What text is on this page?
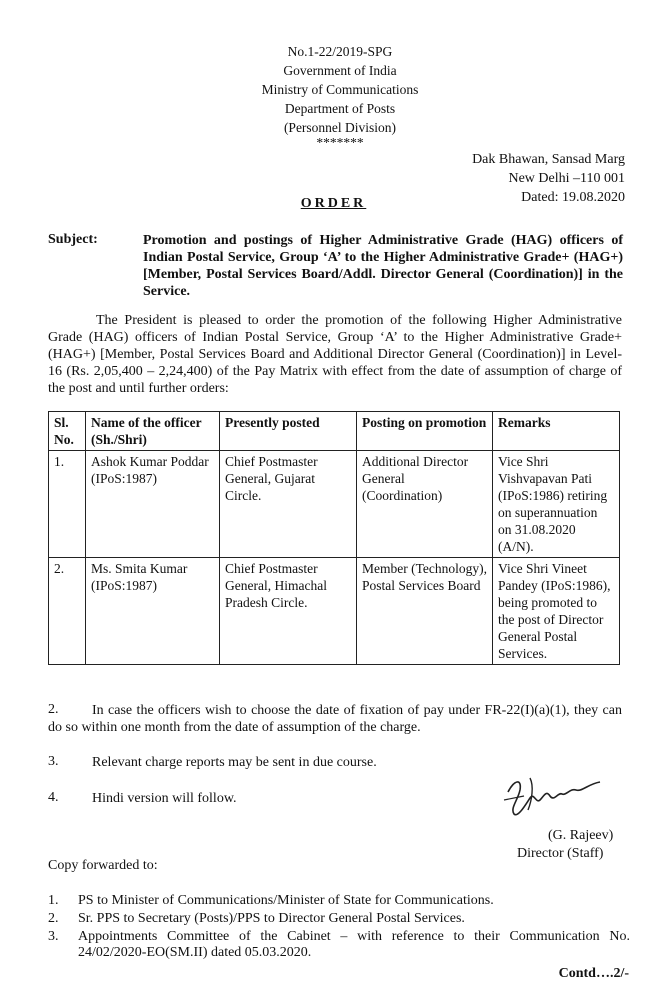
No.1-22/2019-SPG
Government of India
Ministry of Communications
Department of Posts
(Personnel Division)
*******
Dak Bhawan, Sansad Marg
New Delhi –110 001
Dated: 19.08.2020
ORDER
Subject:	Promotion and postings of Higher Administrative Grade (HAG) officers of Indian Postal Service, Group ‘A’ to the Higher Administrative Grade+ (HAG+) [Member, Postal Services Board/Addl. Director General (Coordination)] in the Service.
The President is pleased to order the promotion of the following Higher Administrative Grade (HAG) officers of Indian Postal Service, Group ‘A’ to the Higher Administrative Grade+ (HAG+) [Member, Postal Services Board and Additional Director General (Coordination)] in Level-16 (Rs. 2,05,400 – 2,24,400) of the Pay Matrix with effect from the date of assumption of charge of the post and until further orders:
Sl. No.	Name of the officer (Sh./Shri)	Presently posted	Posting on promotion	Remarks
1.	Ashok Kumar Poddar (IPoS:1987)	Chief Postmaster General, Gujarat Circle.	Additional Director General (Coordination)	Vice Shri Vishvapavan Pati (IPoS:1986) retiring on superannuation on 31.08.2020 (A/N).
2.	Ms. Smita Kumar (IPoS:1987)	Chief Postmaster General, Himachal Pradesh Circle.	Member (Technology), Postal Services Board	Vice Shri Vineet Pandey (IPoS:1986), being promoted to the post of Director General Postal Services.
2.	In case the officers wish to choose the date of fixation of pay under FR-22(I)(a)(1), they can do so within one month from the date of assumption of the charge.
3. Relevant charge reports may be sent in due course.
4. Hindi version will follow.
(G. Rajeev)
Director (Staff)
Copy forwarded to:
1. PS to Minister of Communications/Minister of State for Communications.
2. Sr. PPS to Secretary (Posts)/PPS to Director General Postal Services.
3. Appointments Committee of the Cabinet – with reference to their Communication No. 24/02/2020-EO(SM.II) dated 05.03.2020.
Contd….2/-
